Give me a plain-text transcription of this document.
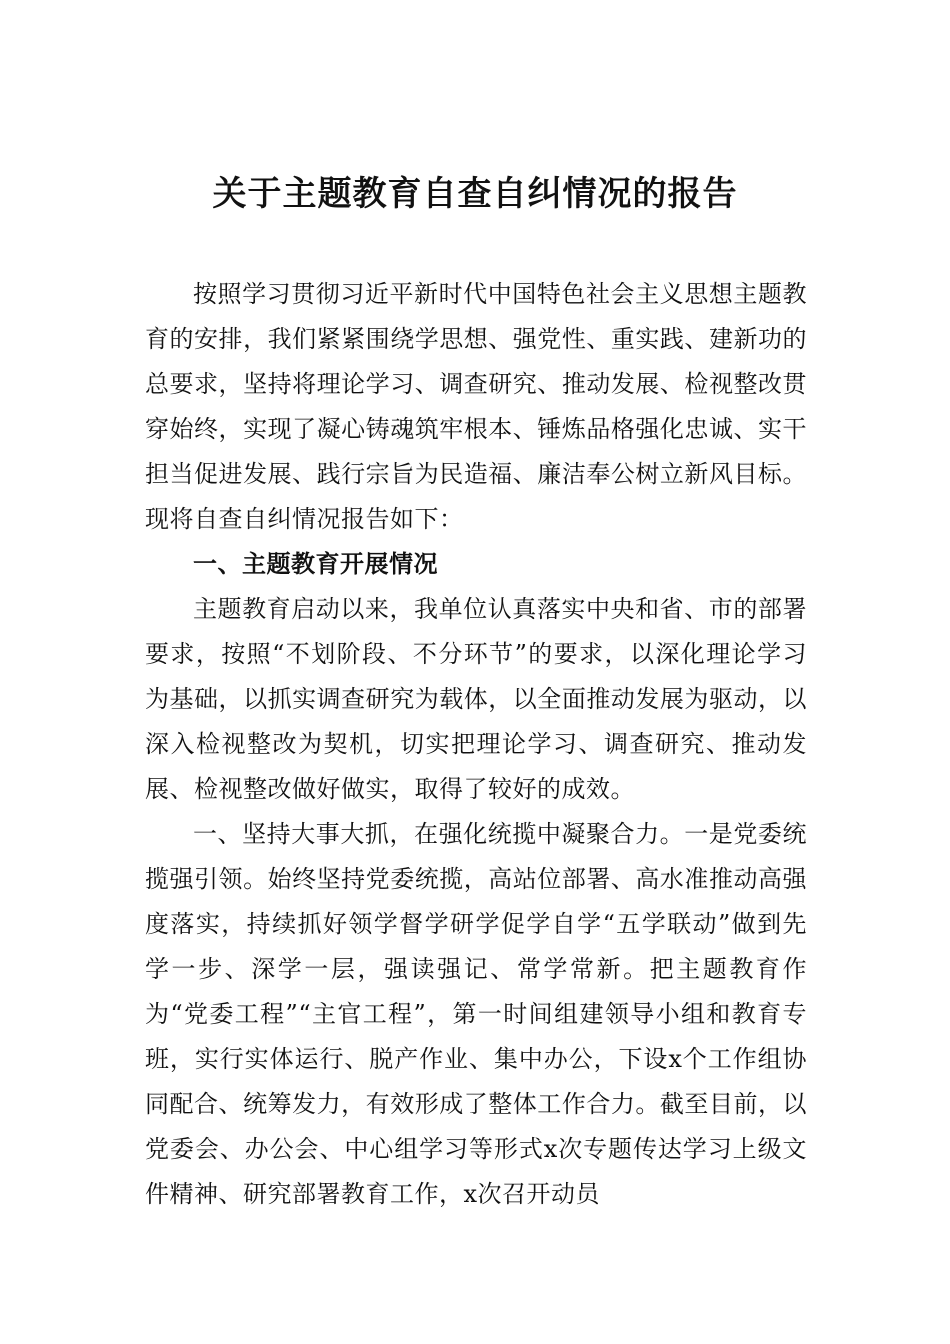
关于主题教育自查自纠情况的报告

按照学习贯彻习近平新时代中国特色社会主义思想主题教育的安排，我们紧紧围绕学思想、强党性、重实践、建新功的总要求，坚持将理论学习、调查研究、推动发展、检视整改贯穿始终，实现了凝心铸魂筑牢根本、锤炼品格强化忠诚、实干担当促进发展、践行宗旨为民造福、廉洁奉公树立新风目标。现将自查自纠情况报告如下：

一、主题教育开展情况

主题教育启动以来，我单位认真落实中央和省、市的部署要求，按照“不划阶段、不分环节”的要求，以深化理论学习为基础，以抓实调查研究为载体，以全面推动发展为驱动，以深入检视整改为契机，切实把理论学习、调查研究、推动发展、检视整改做好做实，取得了较好的成效。

一、坚持大事大抓，在强化统揽中凝聚合力。一是党委统揽强引领。始终坚持党委统揽，高站位部署、高水准推动高强度落实，持续抓好领学督学研学促学自学“五学联动”做到先学一步、深学一层，强读强记、常学常新。把主题教育作为“党委工程”“主官工程”，第一时间组建领导小组和教育专班，实行实体运行、脱产作业、集中办公，下设x个工作组协同配合、统筹发力，有效形成了整体工作合力。截至目前，以党委会、办公会、中心组学习等形式x次专题传达学习上级文件精神、研究部署教育工作，x次召开动员
